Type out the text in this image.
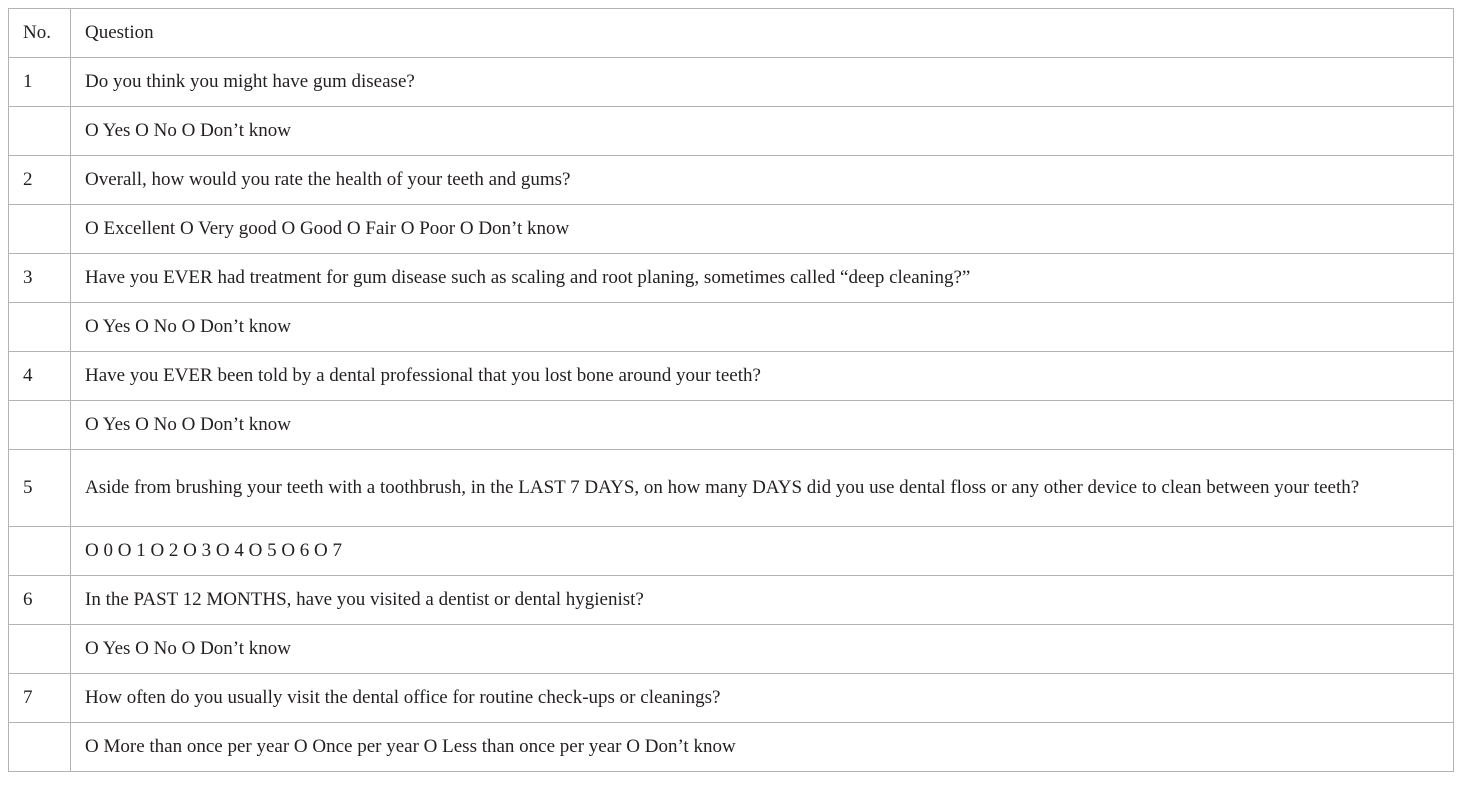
No.	Question
1	Do you think you might have gum disease?
	O Yes O No O Don’t know
2	Overall, how would you rate the health of your teeth and gums?
	O Excellent O Very good O Good O Fair O Poor O Don’t know
3	Have you EVER had treatment for gum disease such as scaling and root planing, sometimes called “deep cleaning?”
	O Yes O No O Don’t know
4	Have you EVER been told by a dental professional that you lost bone around your teeth?
	O Yes O No O Don’t know
5	Aside from brushing your teeth with a toothbrush, in the LAST 7 DAYS, on how many DAYS did you use dental floss or any other device to clean between your teeth?
	O 0 O 1 O 2 O 3 O 4 O 5 O 6 O 7
6	In the PAST 12 MONTHS, have you visited a dentist or dental hygienist?
	O Yes O No O Don’t know
7	How often do you usually visit the dental office for routine check-ups or cleanings?
	O More than once per year O Once per year O Less than once per year O Don’t know
